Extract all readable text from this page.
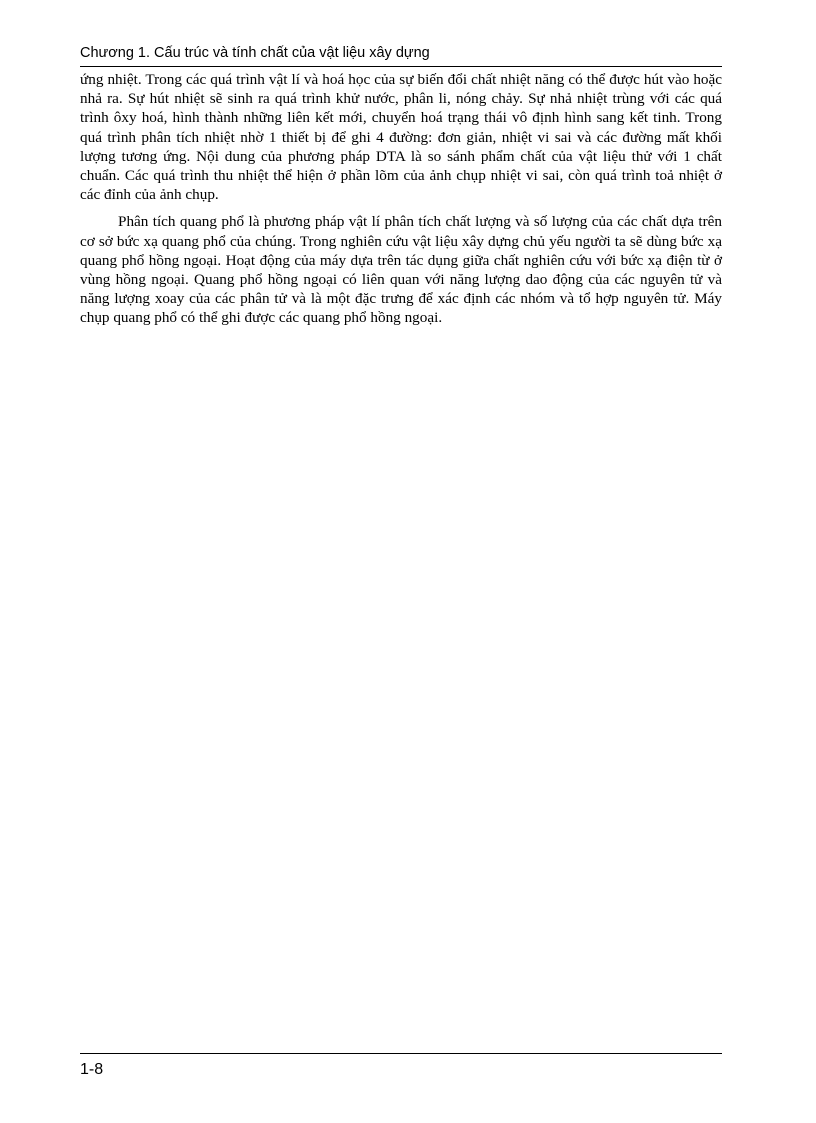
Chương 1. Cấu trúc và tính chất của vật liệu xây dựng

ứng nhiệt. Trong các quá trình vật lí và hoá học của sự biến đổi chất nhiệt năng có thể được hút vào hoặc nhả ra. Sự hút nhiệt sẽ sinh ra quá trình khử nước, phân li, nóng chảy. Sự nhả nhiệt trùng với các quá trình ôxy hoá, hình thành những liên kết mới, chuyển hoá trạng thái vô định hình sang kết tinh. Trong quá trình phân tích nhiệt nhờ 1 thiết bị để ghi 4 đường: đơn giản, nhiệt vi sai và các đường mất khối lượng tương ứng. Nội dung của phương pháp DTA là so sánh phẩm chất của vật liệu thử với 1 chất chuẩn. Các quá trình thu nhiệt thể hiện ở phần lõm của ảnh chụp nhiệt vi sai, còn quá trình toả nhiệt ở các đỉnh của ảnh chụp.

Phân tích quang phổ là phương pháp vật lí phân tích chất lượng và số lượng của các chất dựa trên cơ sở bức xạ quang phổ của chúng. Trong nghiên cứu vật liệu xây dựng chủ yếu người ta sẽ dùng bức xạ quang phổ hồng ngoại. Hoạt động của máy dựa trên tác dụng giữa chất nghiên cứu với bức xạ điện từ ở vùng hồng ngoại. Quang phổ hồng ngoại có liên quan với năng lượng dao động của các nguyên tử và năng lượng xoay của các phân tử và là một đặc trưng để xác định các nhóm và tổ hợp nguyên tử. Máy chụp quang phổ có thể ghi được các quang phổ hồng ngoại.

1-8
